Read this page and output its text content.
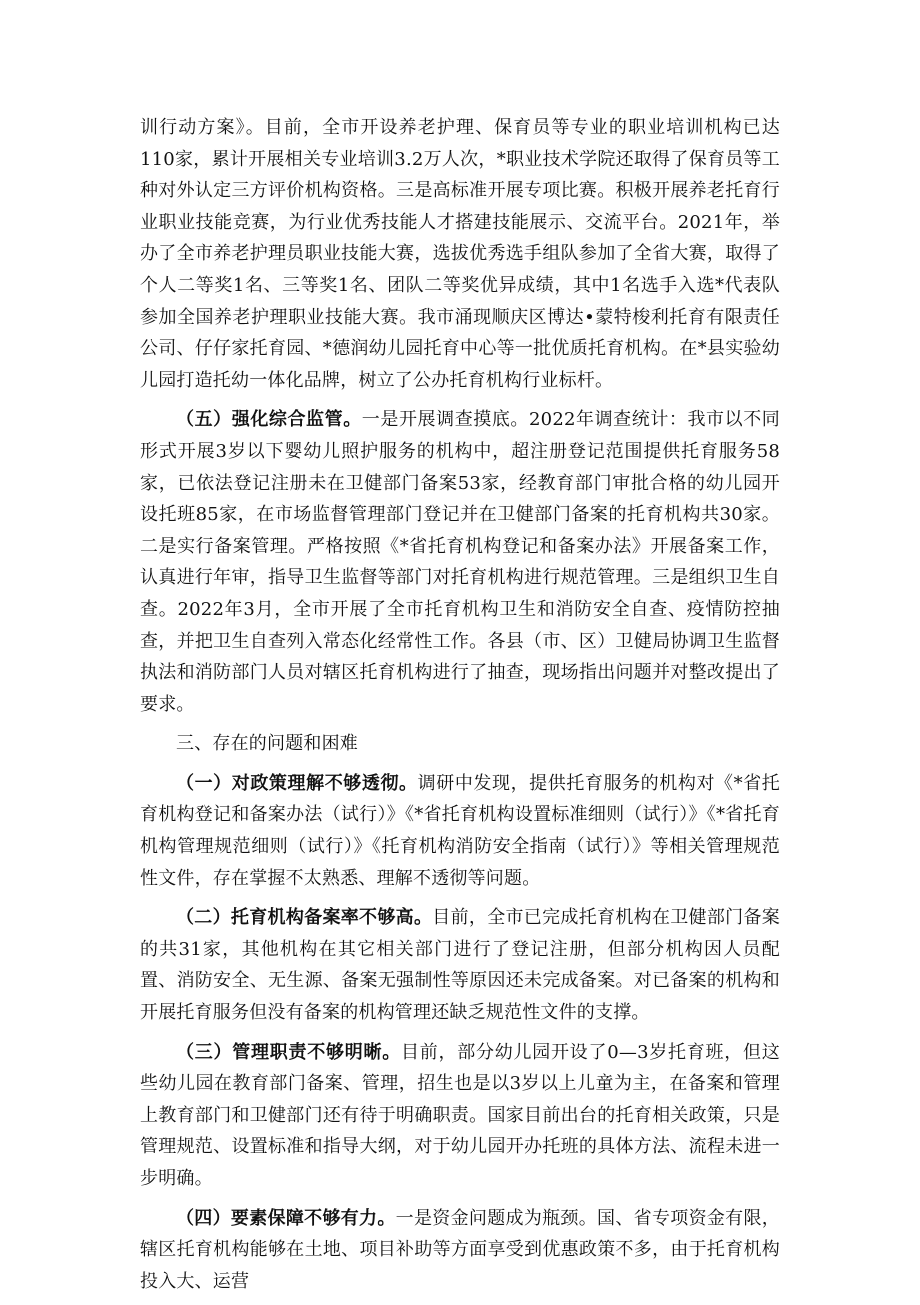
训行动方案》。目前，全市开设养老护理、保育员等专业的职业培训机构已达110家，累计开展相关专业培训3.2万人次，*职业技术学院还取得了保育员等工种对外认定三方评价机构资格。三是高标准开展专项比赛。积极开展养老托育行业职业技能竞赛，为行业优秀技能人才搭建技能展示、交流平台。2021年，举办了全市养老护理员职业技能大赛，选拔优秀选手组队参加了全省大赛，取得了个人二等奖1名、三等奖1名、团队二等奖优异成绩，其中1名选手入选*代表队参加全国养老护理职业技能大赛。我市涌现顺庆区博达•蒙特梭利托育有限责任公司、仔仔家托育园、*德润幼儿园托育中心等一批优质托育机构。在*县实验幼儿园打造托幼一体化品牌，树立了公办托育机构行业标杆。

（五）强化综合监管。一是开展调查摸底。2022年调查统计：我市以不同形式开展3岁以下婴幼儿照护服务的机构中，超注册登记范围提供托育服务58家，已依法登记注册未在卫健部门备案53家，经教育部门审批合格的幼儿园开设托班85家，在市场监督管理部门登记并在卫健部门备案的托育机构共30家。二是实行备案管理。严格按照《*省托育机构登记和备案办法》开展备案工作，认真进行年审，指导卫生监督等部门对托育机构进行规范管理。三是组织卫生自查。2022年3月，全市开展了全市托育机构卫生和消防安全自查、疫情防控抽查，并把卫生自查列入常态化经常性工作。各县（市、区）卫健局协调卫生监督执法和消防部门人员对辖区托育机构进行了抽查，现场指出问题并对整改提出了要求。

三、存在的问题和困难

（一）对政策理解不够透彻。调研中发现，提供托育服务的机构对《*省托育机构登记和备案办法（试行）》《*省托育机构设置标准细则（试行）》《*省托育机构管理规范细则（试行）》《托育机构消防安全指南（试行）》等相关管理规范性文件，存在掌握不太熟悉、理解不透彻等问题。

（二）托育机构备案率不够高。目前，全市已完成托育机构在卫健部门备案的共31家，其他机构在其它相关部门进行了登记注册，但部分机构因人员配置、消防安全、无生源、备案无强制性等原因还未完成备案。对已备案的机构和开展托育服务但没有备案的机构管理还缺乏规范性文件的支撑。

（三）管理职责不够明晰。目前，部分幼儿园开设了0—3岁托育班，但这些幼儿园在教育部门备案、管理，招生也是以3岁以上儿童为主，在备案和管理上教育部门和卫健部门还有待于明确职责。国家目前出台的托育相关政策，只是管理规范、设置标准和指导大纲，对于幼儿园开办托班的具体方法、流程未进一步明确。

（四）要素保障不够有力。一是资金问题成为瓶颈。国、省专项资金有限，辖区托育机构能够在土地、项目补助等方面享受到优惠政策不多，由于托育机构投入大、运营
